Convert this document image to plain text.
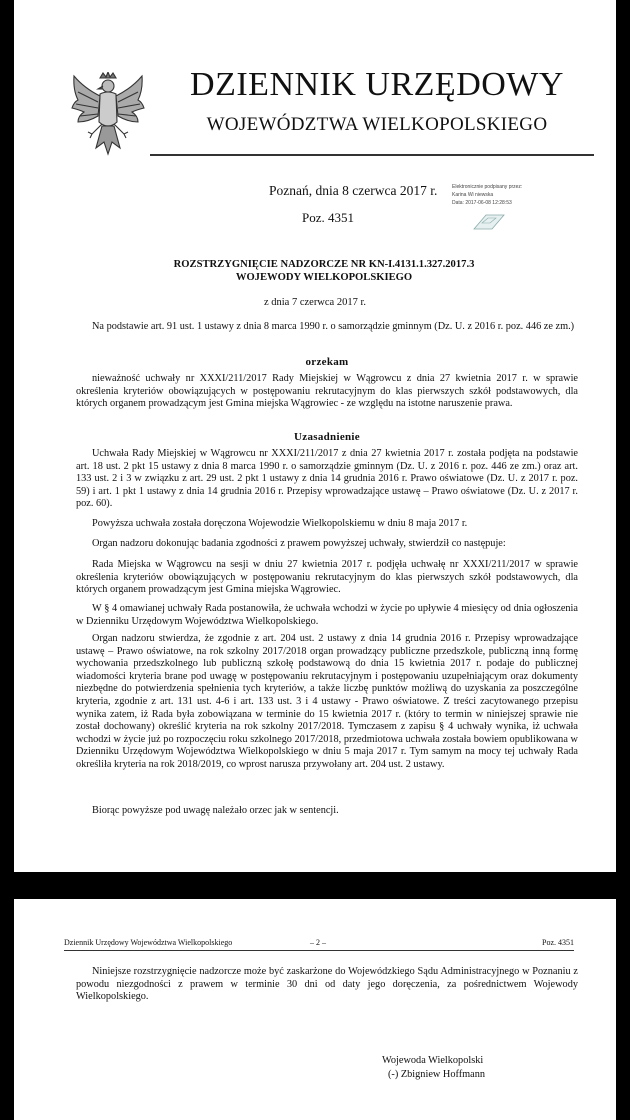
DZIENNIK URZĘDOWY
WOJEWÓDZTWA WIELKOPOLSKIEGO
Poznań, dnia 8 czerwca 2017 r.
Poz. 4351
Elektronicznie podpisany przez:
Karina Wi niewska
Data: 2017-06-08 12:28:53
ROZSTRZYGNIĘCIE NADZORCZE NR KN-I.4131.1.327.2017.3
WOJEWODY WIELKOPOLSKIEGO
z dnia 7 czerwca 2017 r.
Na podstawie art. 91 ust. 1 ustawy z dnia 8 marca 1990 r. o samorządzie gminnym (Dz. U. z 2016 r. poz. 446 ze zm.)
orzekam
nieważność uchwały nr XXXI/211/2017 Rady Miejskiej w Wągrowcu z dnia 27 kwietnia 2017 r. w sprawie określenia kryteriów obowiązujących w postępowaniu rekrutacyjnym do klas pierwszych szkół podstawowych, dla których organem prowadzącym jest Gmina miejska Wągrowiec - ze względu na istotne naruszenie prawa.
Uzasadnienie
Uchwała Rady Miejskiej w Wągrowcu nr XXXI/211/2017 z dnia 27 kwietnia 2017 r. została podjęta na podstawie art. 18 ust. 2 pkt 15 ustawy z dnia 8 marca 1990 r. o samorządzie gminnym (Dz. U. z 2016 r. poz. 446 ze zm.) oraz art. 133 ust. 2 i 3 w związku z art. 29 ust. 2 pkt 1 ustawy z dnia 14 grudnia 2016 r. Prawo oświatowe (Dz. U. z 2017 r. poz. 59) i art. 1 pkt 1 ustawy z dnia 14 grudnia 2016 r. Przepisy wprowadzające ustawę – Prawo oświatowe (Dz. U. z 2017 r. poz. 60).
Powyższa uchwała została doręczona Wojewodzie Wielkopolskiemu w dniu 8 maja 2017 r.
Organ nadzoru dokonując badania zgodności z prawem powyższej uchwały, stwierdził co następuje:
Rada Miejska w Wągrowcu na sesji w dniu 27 kwietnia 2017 r. podjęła uchwałę nr XXXI/211/2017 w sprawie określenia kryteriów obowiązujących w postępowaniu rekrutacyjnym do klas pierwszych szkół podstawowych, dla których organem prowadzącym jest Gmina miejska Wągrowiec.
W § 4 omawianej uchwały Rada postanowiła, że uchwała wchodzi w życie po upływie 4 miesięcy od dnia ogłoszenia w Dzienniku Urzędowym Województwa Wielkopolskiego.
Organ nadzoru stwierdza, że zgodnie z art. 204 ust. 2 ustawy z dnia 14 grudnia 2016 r. Przepisy wprowadzające ustawę – Prawo oświatowe, na rok szkolny 2017/2018 organ prowadzący publiczne przedszkole, publiczną inną formę wychowania przedszkolnego lub publiczną szkołę podstawową do dnia 15 kwietnia 2017 r. podaje do publicznej wiadomości kryteria brane pod uwagę w postępowaniu rekrutacyjnym i postępowaniu uzupełniającym oraz dokumenty niezbędne do potwierdzenia spełnienia tych kryteriów, a także liczbę punktów możliwą do uzyskania za poszczególne kryteria, zgodnie z art. 131 ust. 4-6 i art. 133 ust. 3 i 4 ustawy - Prawo oświatowe. Z treści zacytowanego przepisu wynika zatem, iż Rada była zobowiązana w terminie do 15 kwietnia 2017 r. (który to termin w niniejszej sprawie nie został dochowany) określić kryteria na rok szkolny 2017/2018. Tymczasem z zapisu § 4 uchwały wynika, iż uchwała wchodzi w życie już po rozpoczęciu roku szkolnego 2017/2018, przedmiotowa uchwała została bowiem opublikowana w Dzienniku Urzędowym Województwa Wielkopolskiego w dniu 5 maja 2017 r. Tym samym na mocy tej uchwały Rada określiła kryteria na rok 2018/2019, co wprost narusza przywołany art. 204 ust. 2 ustawy.
Biorąc powyższe pod uwagę należało orzec jak w sentencji.
Dziennik Urzędowy Województwa Wielkopolskiego	– 2 –	Poz. 4351
Niniejsze rozstrzygnięcie nadzorcze może być zaskarżone do Wojewódzkiego Sądu Administracyjnego w Poznaniu z powodu niezgodności z prawem w terminie 30 dni od daty jego doręczenia, za pośrednictwem Wojewody Wielkopolskiego.
Wojewoda Wielkopolski
(-) Zbigniew Hoffmann
